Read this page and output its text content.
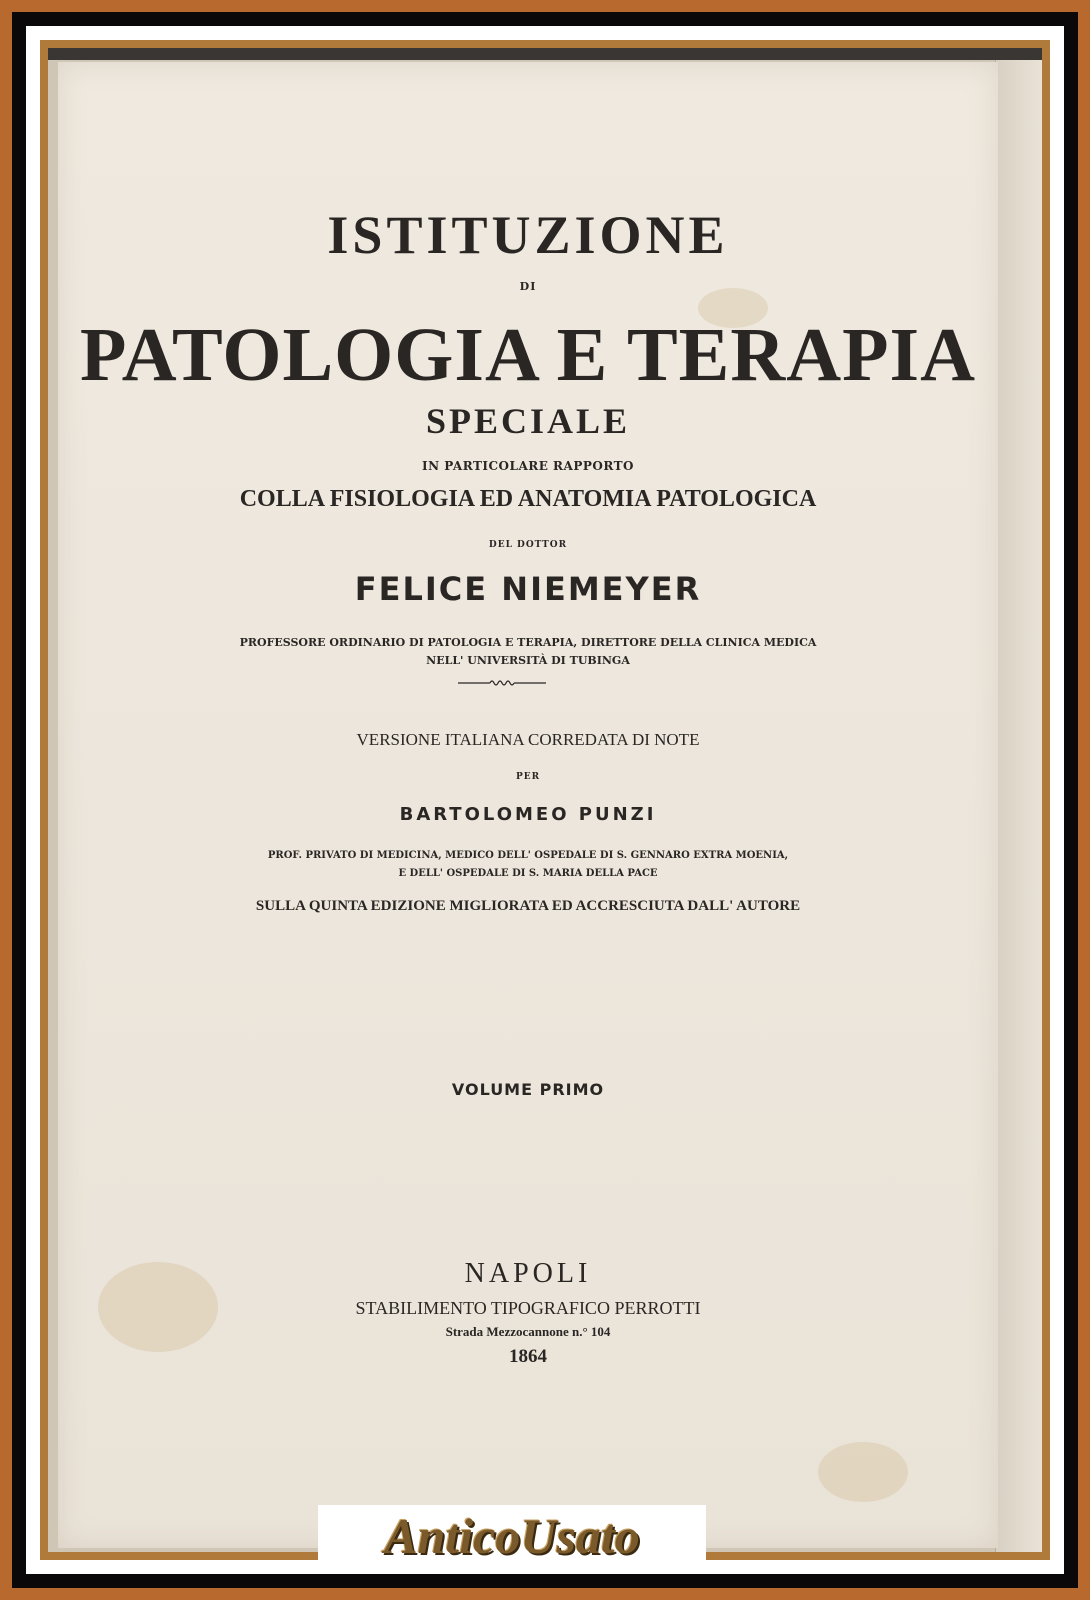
ISTITUZIONE
DI
PATOLOGIA E TERAPIA
SPECIALE
IN PARTICOLARE RAPPORTO
COLLA FISIOLOGIA ED ANATOMIA PATOLOGICA
DEL DOTTOR
FELICE NIEMEYER
PROFESSORE ORDINARIO DI PATOLOGIA E TERAPIA, DIRETTORE DELLA CLINICA MEDICA
NELL' UNIVERSITÀ DI TUBINGA
VERSIONE ITALIANA CORREDATA DI NOTE
PER
BARTOLOMEO PUNZI
PROF. PRIVATO DI MEDICINA, MEDICO DELL' OSPEDALE DI S. GENNARO EXTRA MOENIA,
E DELL' OSPEDALE DI S. MARIA DELLA PACE
SULLA QUINTA EDIZIONE MIGLIORATA ED ACCRESCIUTA DALL' AUTORE
VOLUME PRIMO
NAPOLI
STABILIMENTO TIPOGRAFICO PERROTTI
Strada Mezzocannone n.° 104
1864
AnticoUsato
